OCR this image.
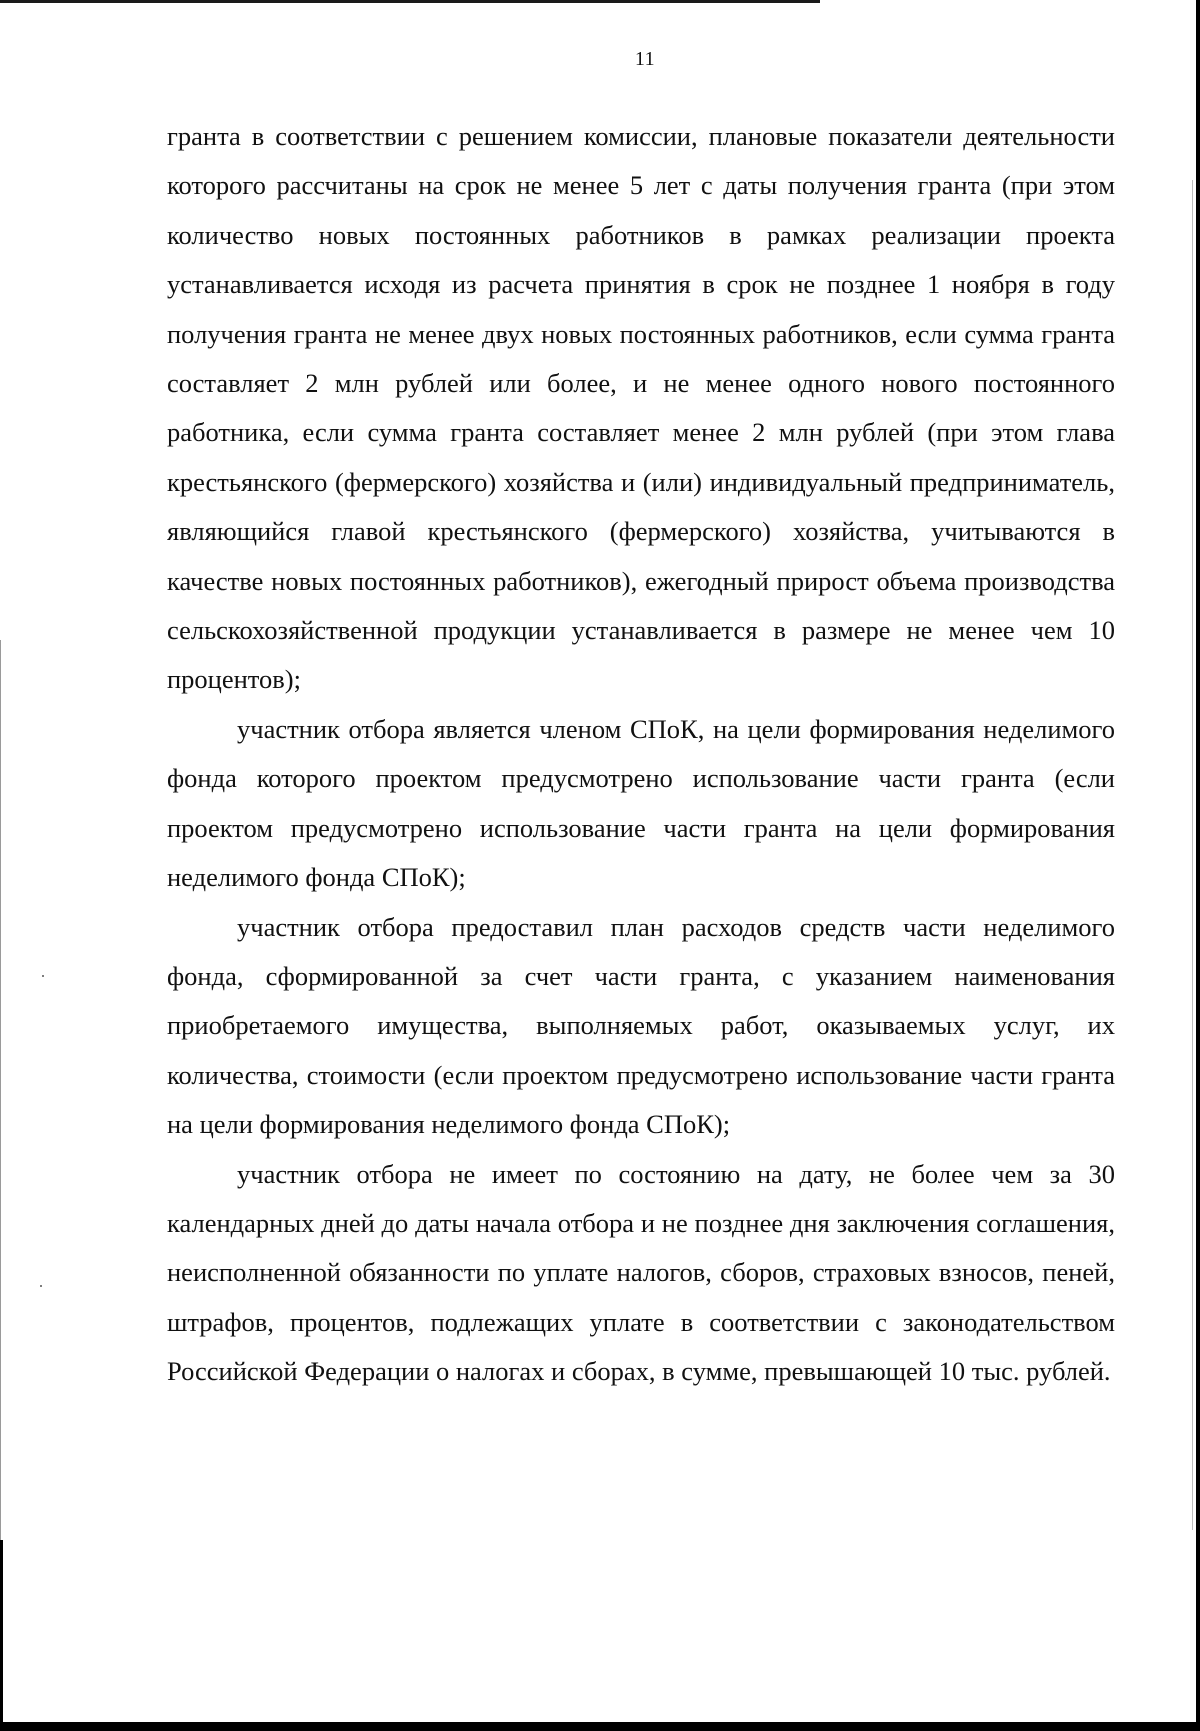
11

гранта в соответствии с решением комиссии, плановые показатели деятельности которого рассчитаны на срок не менее 5 лет с даты получения гранта (при этом количество новых постоянных работников в рамках реализации проекта устанавливается исходя из расчета принятия в срок не позднее 1 ноября в году получения гранта не менее двух новых постоянных работников, если сумма гранта составляет 2 млн рублей или более, и не менее одного нового постоянного работника, если сумма гранта составляет менее 2 млн рублей (при этом глава крестьянского (фермерского) хозяйства и (или) индивидуальный предприниматель, являющийся главой крестьянского (фермерского) хозяйства, учитываются в качестве новых постоянных работников), ежегодный прирост объема производства сельскохозяйственной продукции устанавливается в размере не менее чем 10 процентов);

участник отбора является членом СПоК, на цели формирования неделимого фонда которого проектом предусмотрено использование части гранта (если проектом предусмотрено использование части гранта на цели формирования неделимого фонда СПоК);

участник отбора предоставил план расходов средств части неделимого фонда, сформированной за счет части гранта, с указанием наименования приобретаемого имущества, выполняемых работ, оказываемых услуг, их количества, стоимости (если проектом предусмотрено использование части гранта на цели формирования неделимого фонда СПоК);

участник отбора не имеет по состоянию на дату, не более чем за 30 календарных дней до даты начала отбора и не позднее дня заключения соглашения, неисполненной обязанности по уплате налогов, сборов, страховых взносов, пеней, штрафов, процентов, подлежащих уплате в соответствии с законодательством Российской Федерации о налогах и сборах, в сумме, превышающей 10 тыс. рублей.
